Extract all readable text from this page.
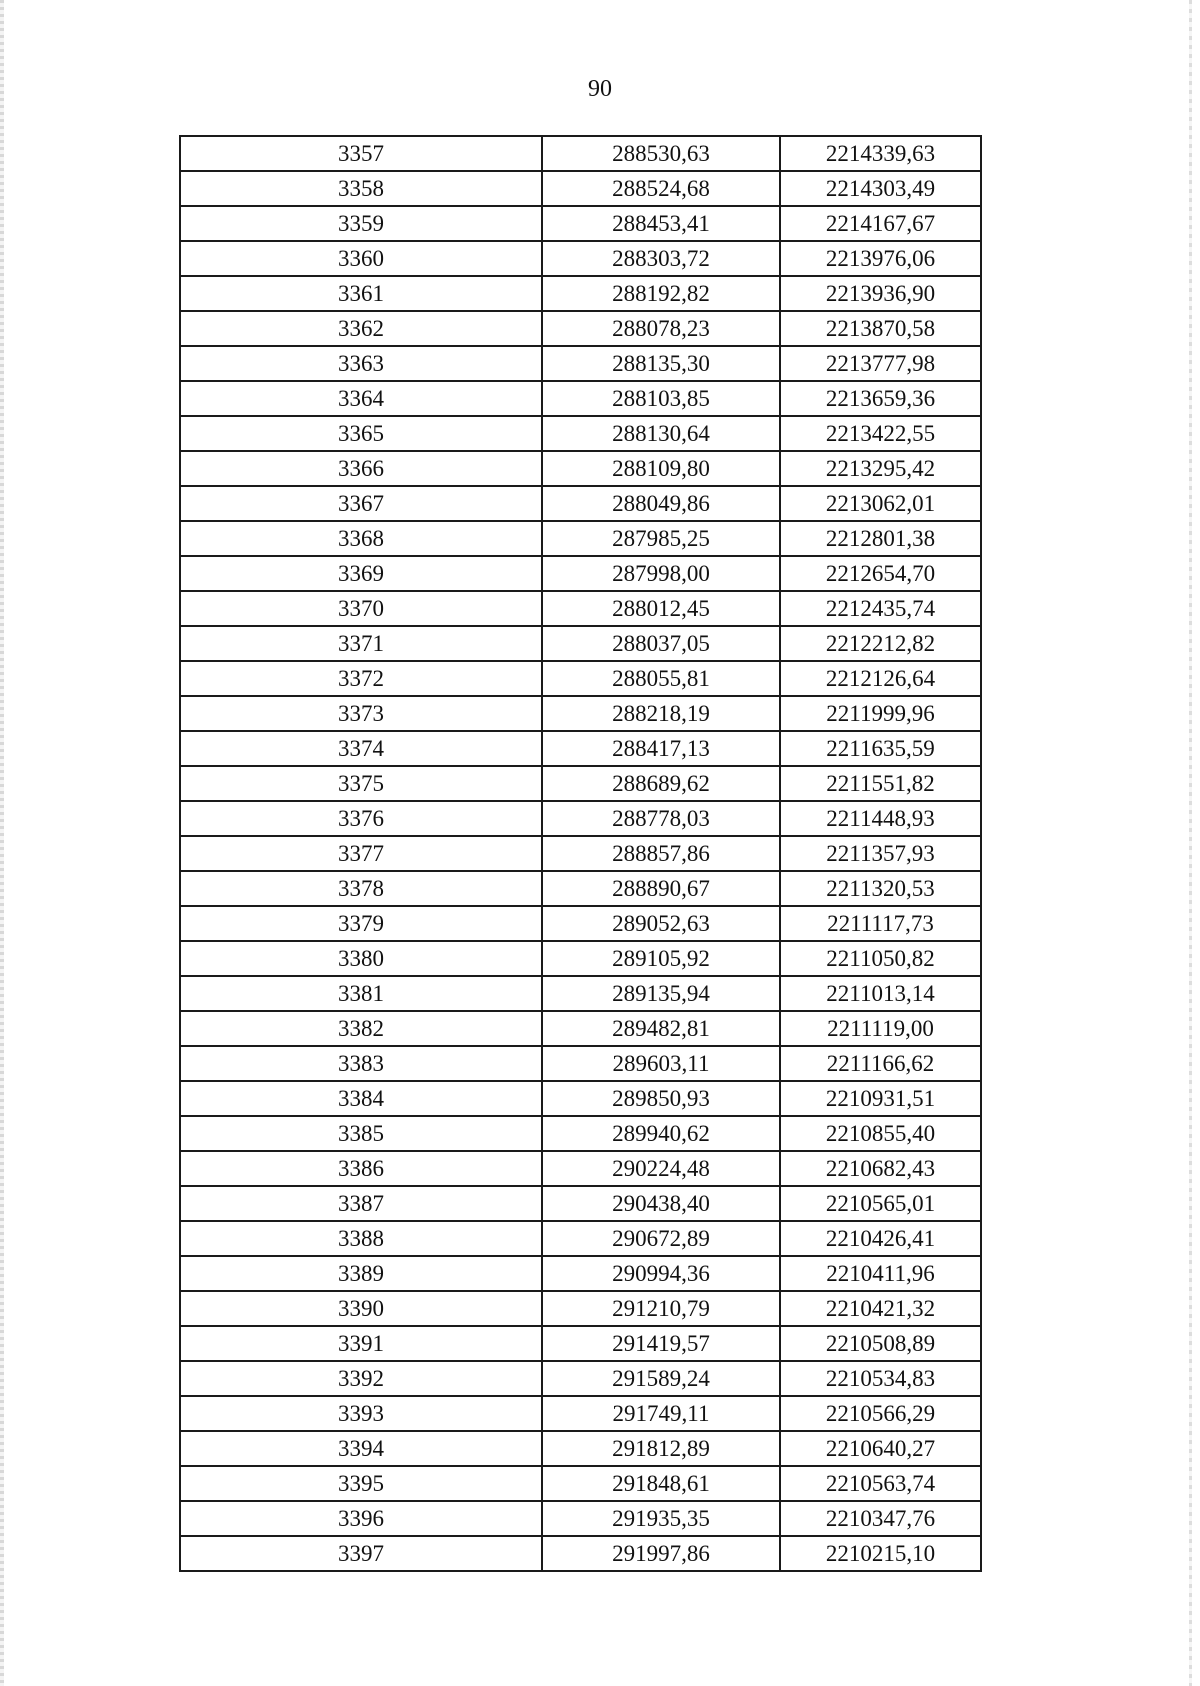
90
3357	288530,63	2214339,63
3358	288524,68	2214303,49
3359	288453,41	2214167,67
3360	288303,72	2213976,06
3361	288192,82	2213936,90
3362	288078,23	2213870,58
3363	288135,30	2213777,98
3364	288103,85	2213659,36
3365	288130,64	2213422,55
3366	288109,80	2213295,42
3367	288049,86	2213062,01
3368	287985,25	2212801,38
3369	287998,00	2212654,70
3370	288012,45	2212435,74
3371	288037,05	2212212,82
3372	288055,81	2212126,64
3373	288218,19	2211999,96
3374	288417,13	2211635,59
3375	288689,62	2211551,82
3376	288778,03	2211448,93
3377	288857,86	2211357,93
3378	288890,67	2211320,53
3379	289052,63	2211117,73
3380	289105,92	2211050,82
3381	289135,94	2211013,14
3382	289482,81	2211119,00
3383	289603,11	2211166,62
3384	289850,93	2210931,51
3385	289940,62	2210855,40
3386	290224,48	2210682,43
3387	290438,40	2210565,01
3388	290672,89	2210426,41
3389	290994,36	2210411,96
3390	291210,79	2210421,32
3391	291419,57	2210508,89
3392	291589,24	2210534,83
3393	291749,11	2210566,29
3394	291812,89	2210640,27
3395	291848,61	2210563,74
3396	291935,35	2210347,76
3397	291997,86	2210215,10
